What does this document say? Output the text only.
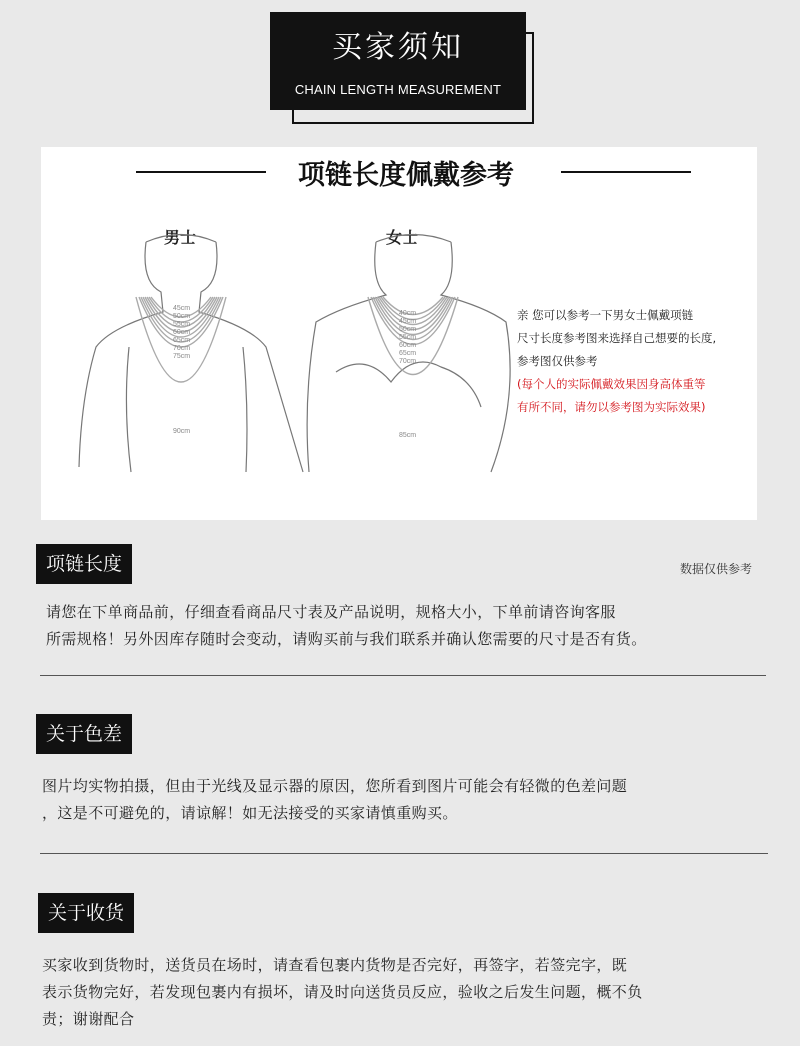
买家须知
CHAIN LENGTH MEASUREMENT
项链长度佩戴参考
男士	女士
45cm
50cm
55cm
60cm
65cm
70cm
75cm
90cm
40cm
45cm
50cm
55cm
60cm
65cm
70cm
85cm
亲 您可以参考一下男女士佩戴项链
尺寸长度参考图来选择自己想要的长度,
参考图仅供参考
(每个人的实际佩戴效果因身高体重等
有所不同，请勿以参考图为实际效果)
项链长度	数据仅供参考
请您在下单商品前，仔细查看商品尺寸表及产品说明，规格大小，下单前请咨询客服
所需规格！另外因库存随时会变动，请购买前与我们联系并确认您需要的尺寸是否有货。
关于色差
图片均实物拍摄，但由于光线及显示器的原因，您所看到图片可能会有轻微的色差问题
，这是不可避免的，请谅解！如无法接受的买家请慎重购买。
关于收货
买家收到货物时，送货员在场时，请查看包裹内货物是否完好，再签字，若签完字，既
表示货物完好，若发现包裹内有损坏，请及时向送货员反应，验收之后发生问题，概不负
责；谢谢配合
